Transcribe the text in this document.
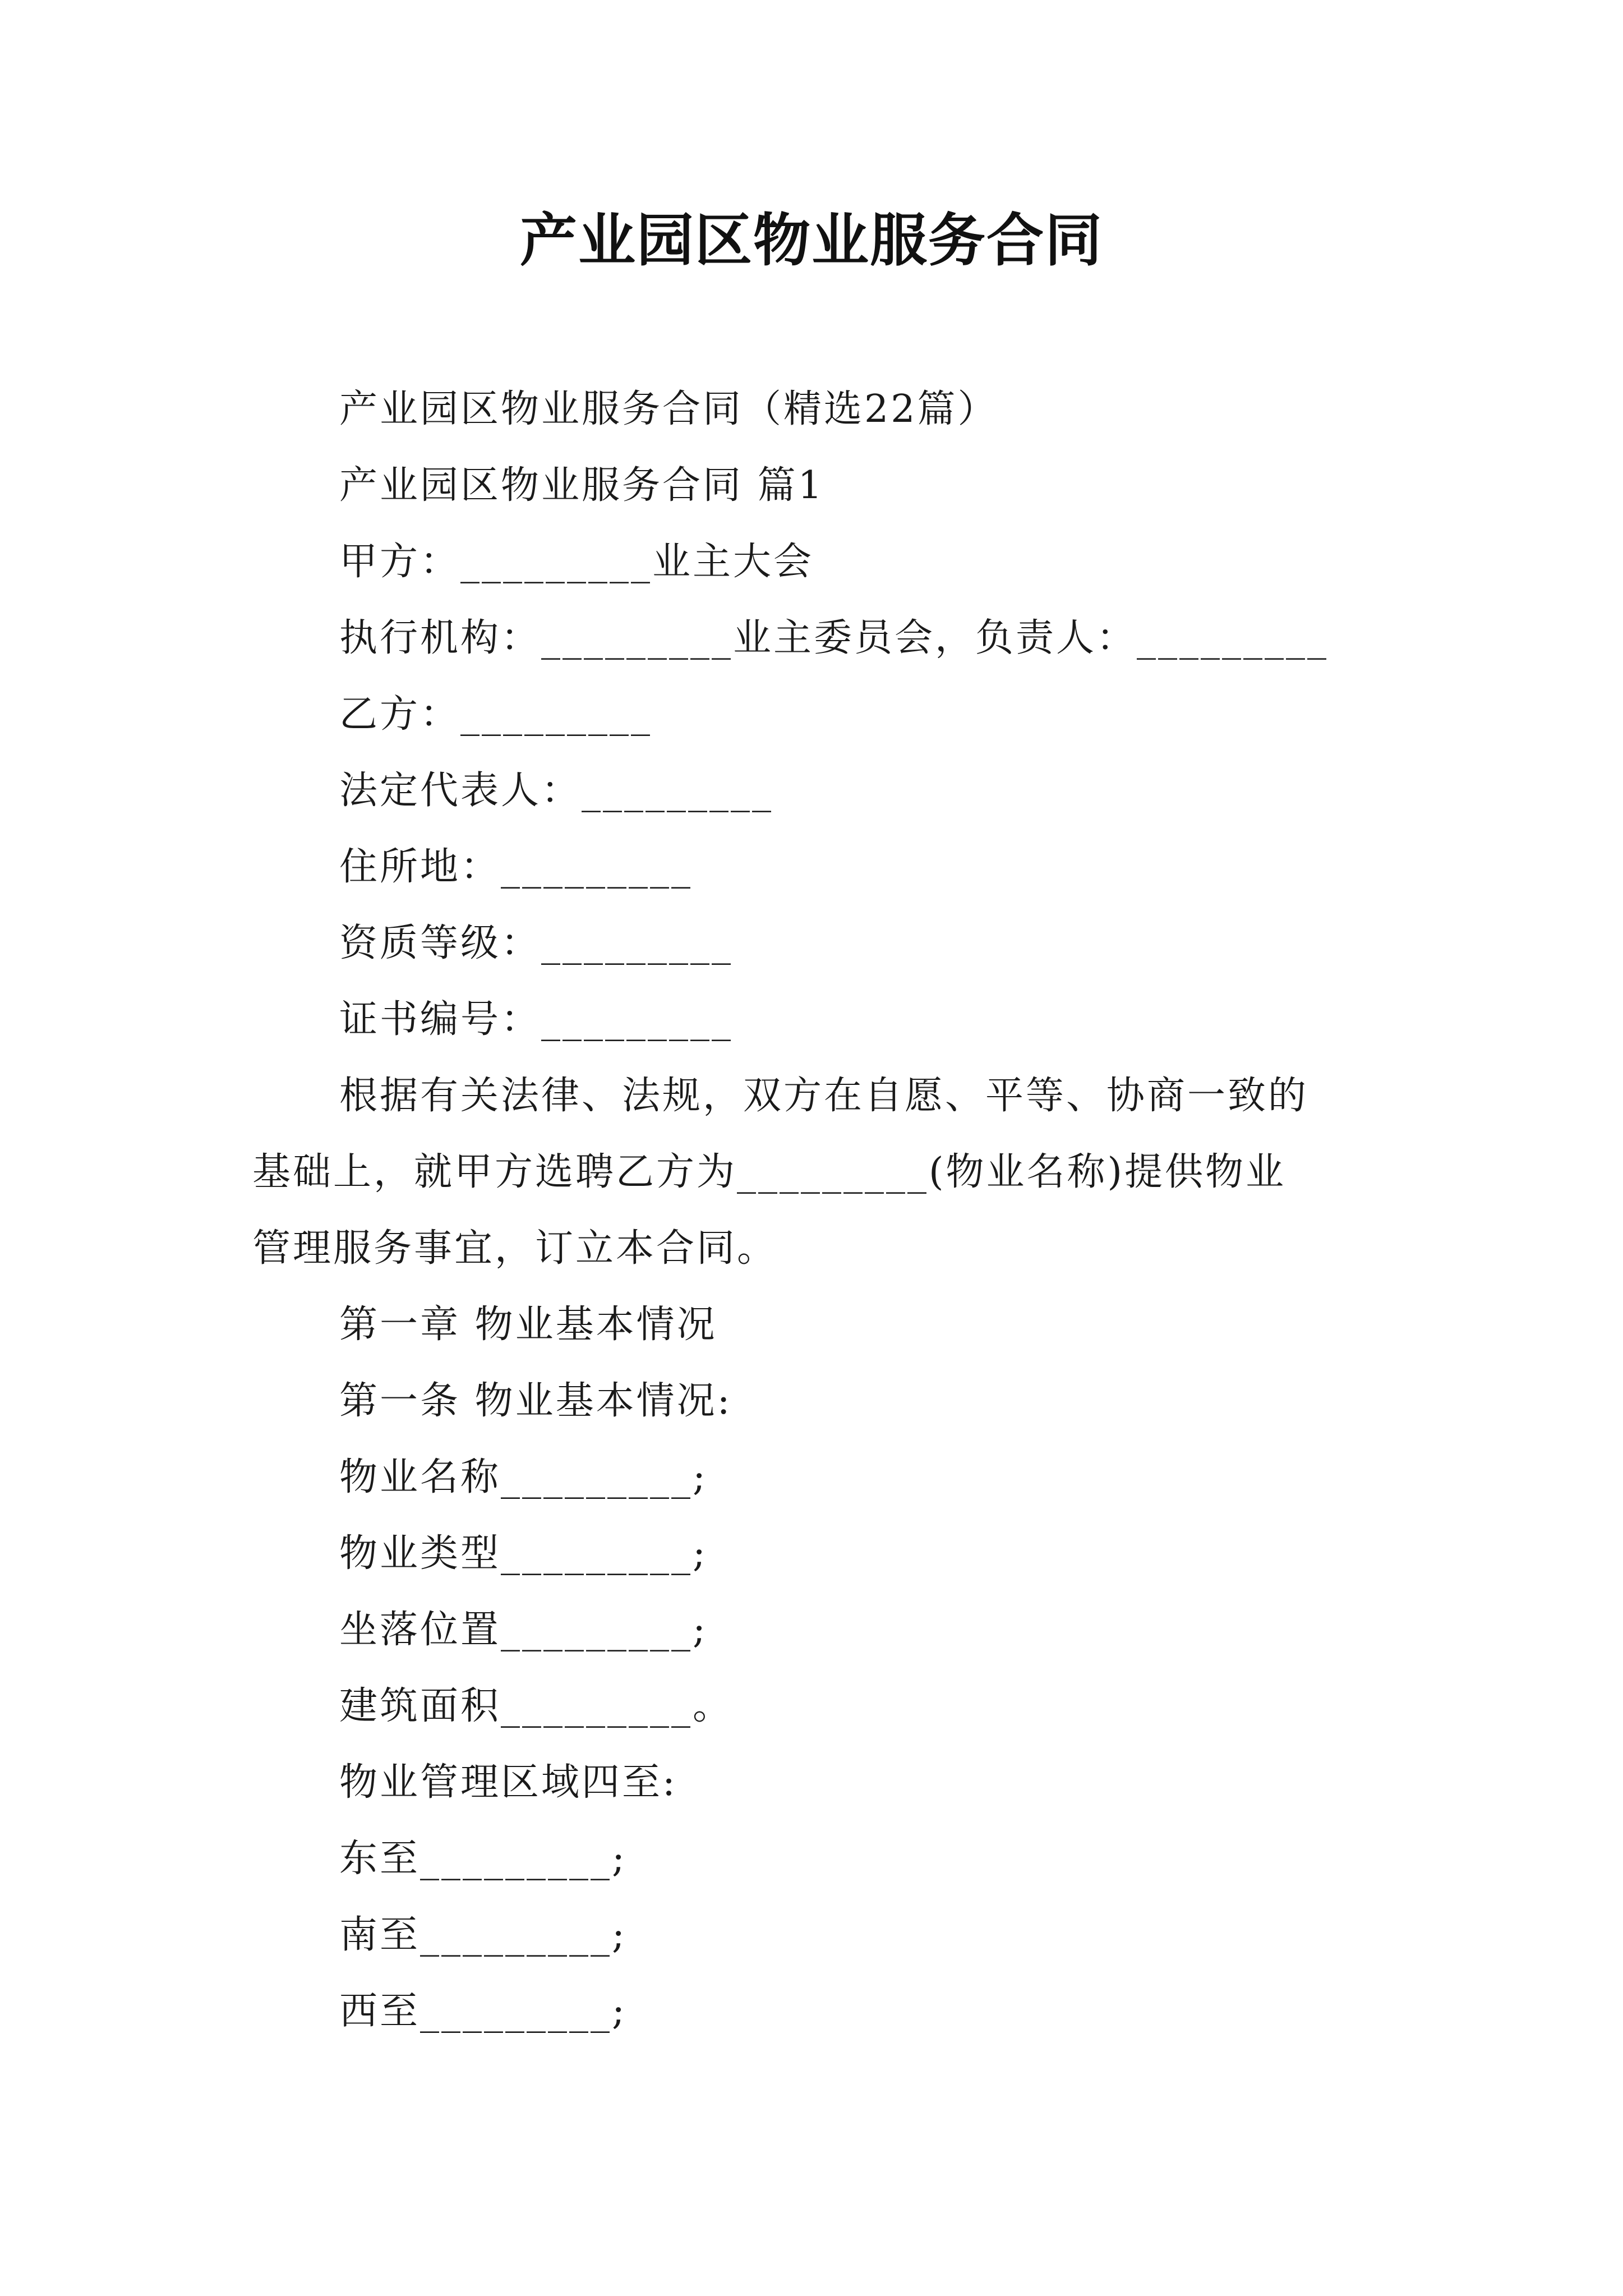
产业园区物业服务合同

产业园区物业服务合同（精选22篇）

产业园区物业服务合同 篇1

甲方：_________业主大会

执行机构：_________业主委员会，负责人：_________

乙方：_________

法定代表人：_________

住所地：_________

资质等级：_________

证书编号：_________

根据有关法律、法规，双方在自愿、平等、协商一致的

基础上，就甲方选聘乙方为_________(物业名称)提供物业

管理服务事宜，订立本合同。

第一章 物业基本情况

第一条 物业基本情况:

物业名称_________;

物业类型_________;

坐落位置_________;

建筑面积_________。

物业管理区域四至:

东至_________;

南至_________;

西至_________;
